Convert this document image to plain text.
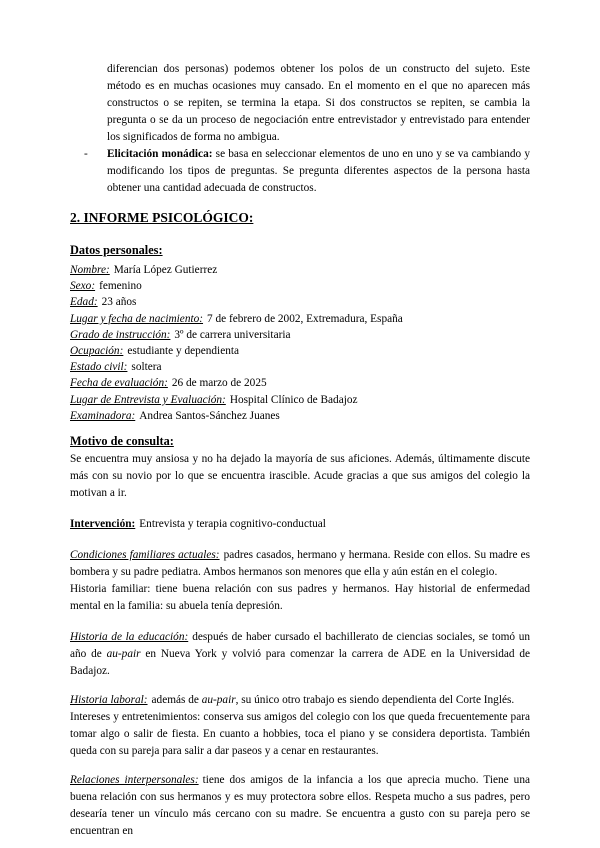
diferencian dos personas) podemos obtener los polos de un constructo del sujeto. Este método es en muchas ocasiones muy cansado. En el momento en el que no aparecen más constructos o se repiten, se termina la etapa. Si dos constructos se repiten, se cambia la pregunta o se da un proceso de negociación entre entrevistador y entrevistado para entender los significados de forma no ambigua.

- Elicitación monádica: se basa en seleccionar elementos de uno en uno y se va cambiando y modificando los tipos de preguntas. Se pregunta diferentes aspectos de la persona hasta obtener una cantidad adecuada de constructos.

2. INFORME PSICOLÓGICO:

Datos personales:

Nombre: María López Gutierrez
Sexo: femenino
Edad: 23 años
Lugar y fecha de nacimiento: 7 de febrero de 2002, Extremadura, España
Grado de instrucción: 3º de carrera universitaria
Ocupación: estudiante y dependienta
Estado civil: soltera
Fecha de evaluación: 26 de marzo de 2025
Lugar de Entrevista y Evaluación: Hospital Clínico de Badajoz
Examinadora: Andrea Santos-Sánchez Juanes

Motivo de consulta:

Se encuentra muy ansiosa y no ha dejado la mayoría de sus aficiones. Además, últimamente discute más con su novio por lo que se encuentra irascible. Acude gracias a que sus amigos del colegio la motivan a ir.

Intervención: Entrevista y terapia cognitivo-conductual

Condiciones familiares actuales: padres casados, hermano y hermana. Reside con ellos. Su madre es bombera y su padre pediatra. Ambos hermanos son menores que ella y aún están en el colegio.

Historia familiar: tiene buena relación con sus padres y hermanos. Hay historial de enfermedad mental en la familia: su abuela tenía depresión.

Historia de la educación: después de haber cursado el bachillerato de ciencias sociales, se tomó un año de au-pair en Nueva York y volvió para comenzar la carrera de ADE en la Universidad de Badajoz.

Historia laboral: además de au-pair, su único otro trabajo es siendo dependienta del Corte Inglés.

Intereses y entretenimientos: conserva sus amigos del colegio con los que queda frecuentemente para tomar algo o salir de fiesta. En cuanto a hobbies, toca el piano y se considera deportista. También queda con su pareja para salir a dar paseos y a cenar en restaurantes.

Relaciones interpersonales: tiene dos amigos de la infancia a los que aprecia mucho. Tiene una buena relación con sus hermanos y es muy protectora sobre ellos. Respeta mucho a sus padres, pero desearía tener un vínculo más cercano con su madre. Se encuentra a gusto con su pareja pero se encuentran en
